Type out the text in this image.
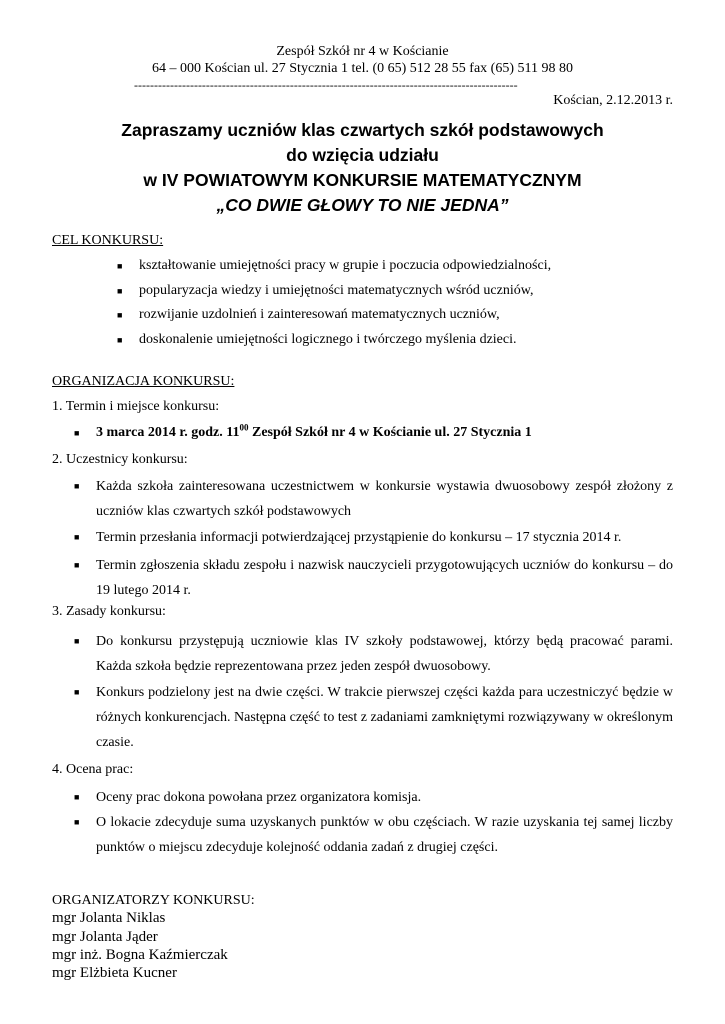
Zespół Szkół nr 4 w Kościanie
64 – 000 Kościan ul. 27 Stycznia 1 tel. (0 65) 512 28 55 fax (65) 511 98 80
------------------------------------------------------------------------------------------------
Kościan, 2.12.2013 r.
Zapraszamy uczniów klas czwartych szkół podstawowych
do wzięcia udziału
w IV POWIATOWYM KONKURSIE MATEMATYCZNYM
„CO DWIE GŁOWY TO NIE JEDNA”
CEL KONKURSU:
■ kształtowanie umiejętności pracy w grupie i poczucia odpowiedzialności,
■ popularyzacja wiedzy i umiejętności matematycznych wśród uczniów,
■ rozwijanie uzdolnień i zainteresowań matematycznych uczniów,
■ doskonalenie umiejętności logicznego i twórczego myślenia dzieci.
ORGANIZACJA KONKURSU:
1. Termin i miejsce konkursu:
■ 3 marca 2014 r. godz. $11^{00}$ Zespół Szkół nr 4 w Kościanie ul. 27 Stycznia 1
2. Uczestnicy konkursu:
■ Każda szkoła zainteresowana uczestnictwem w konkursie wystawia dwuosobowy zespół złożony z uczniów klas czwartych szkół podstawowych
■ Termin przesłania informacji potwierdzającej przystąpienie do konkursu – 17 stycznia 2014 r.
■ Termin zgłoszenia składu zespołu i nazwisk nauczycieli przygotowujących uczniów do konkursu – do 19 lutego 2014 r.
3. Zasady konkursu:
■ Do konkursu przystępują uczniowie klas IV szkoły podstawowej, którzy będą pracować parami. Każda szkoła będzie reprezentowana przez jeden zespół dwuosobowy.
■ Konkurs podzielony jest na dwie części. W trakcie pierwszej części każda para uczestniczyć będzie w różnych konkurencjach. Następna część to test z zadaniami zamkniętymi rozwiązywany w określonym czasie.
4. Ocena prac:
■ Oceny prac dokona powołana przez organizatora komisja.
■ O lokacie zdecyduje suma uzyskanych punktów w obu częściach. W razie uzyskania tej samej liczby punktów o miejscu zdecyduje kolejność oddania zadań z drugiej części.
ORGANIZATORZY KONKURSU:
mgr Jolanta Niklas
mgr Jolanta Jąder
mgr inż. Bogna Kaźmierczak
mgr Elżbieta Kucner
